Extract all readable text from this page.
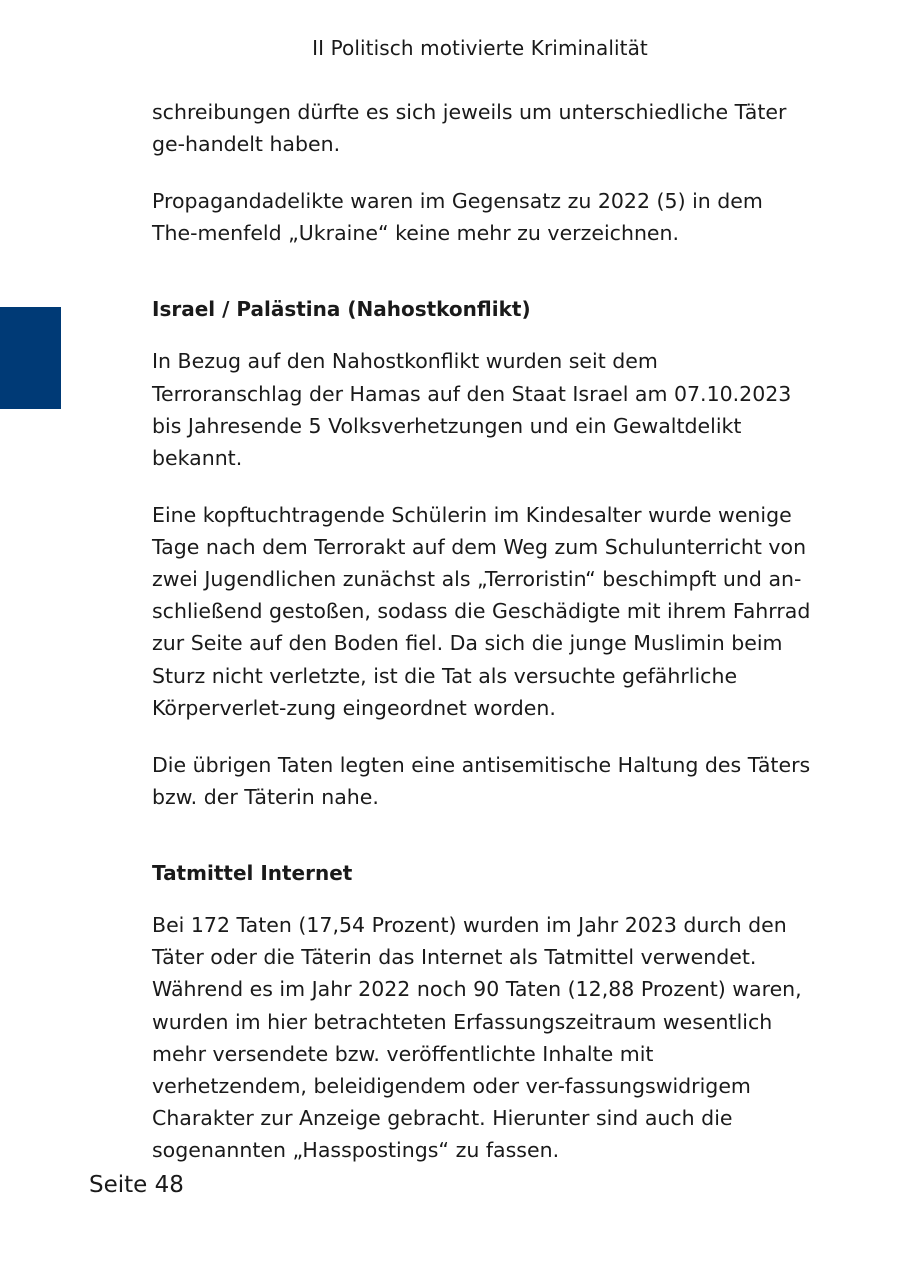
II Politisch motivierte Kriminalität

schreibungen dürfte es sich jeweils um unterschiedliche Täter ge-handelt haben.

Propagandadelikte waren im Gegensatz zu 2022 (5) in dem The-menfeld „Ukraine“ keine mehr zu verzeichnen.

Israel / Palästina (Nahostkonflikt)

In Bezug auf den Nahostkonflikt wurden seit dem Terroranschlag der Hamas auf den Staat Israel am 07.10.2023 bis Jahresende 5 Volksverhetzungen und ein Gewaltdelikt bekannt.

Eine kopftuchtragende Schülerin im Kindesalter wurde wenige Tage nach dem Terrorakt auf dem Weg zum Schulunterricht von zwei Jugendlichen zunächst als „Terroristin“ beschimpft und an-schließend gestoßen, sodass die Geschädigte mit ihrem Fahrrad zur Seite auf den Boden fiel. Da sich die junge Muslimin beim Sturz nicht verletzte, ist die Tat als versuchte gefährliche Körperverlet-zung eingeordnet worden.

Die übrigen Taten legten eine antisemitische Haltung des Täters bzw. der Täterin nahe.

Tatmittel Internet

Bei 172 Taten (17,54 Prozent) wurden im Jahr 2023 durch den Täter oder die Täterin das Internet als Tatmittel verwendet. Während es im Jahr 2022 noch 90 Taten (12,88 Prozent) waren, wurden im hier betrachteten Erfassungszeitraum wesentlich mehr versendete bzw. veröffentlichte Inhalte mit verhetzendem, beleidigendem oder ver-fassungswidrigem Charakter zur Anzeige gebracht. Hierunter sind auch die sogenannten „Hasspostings“ zu fassen.

Seite 48
